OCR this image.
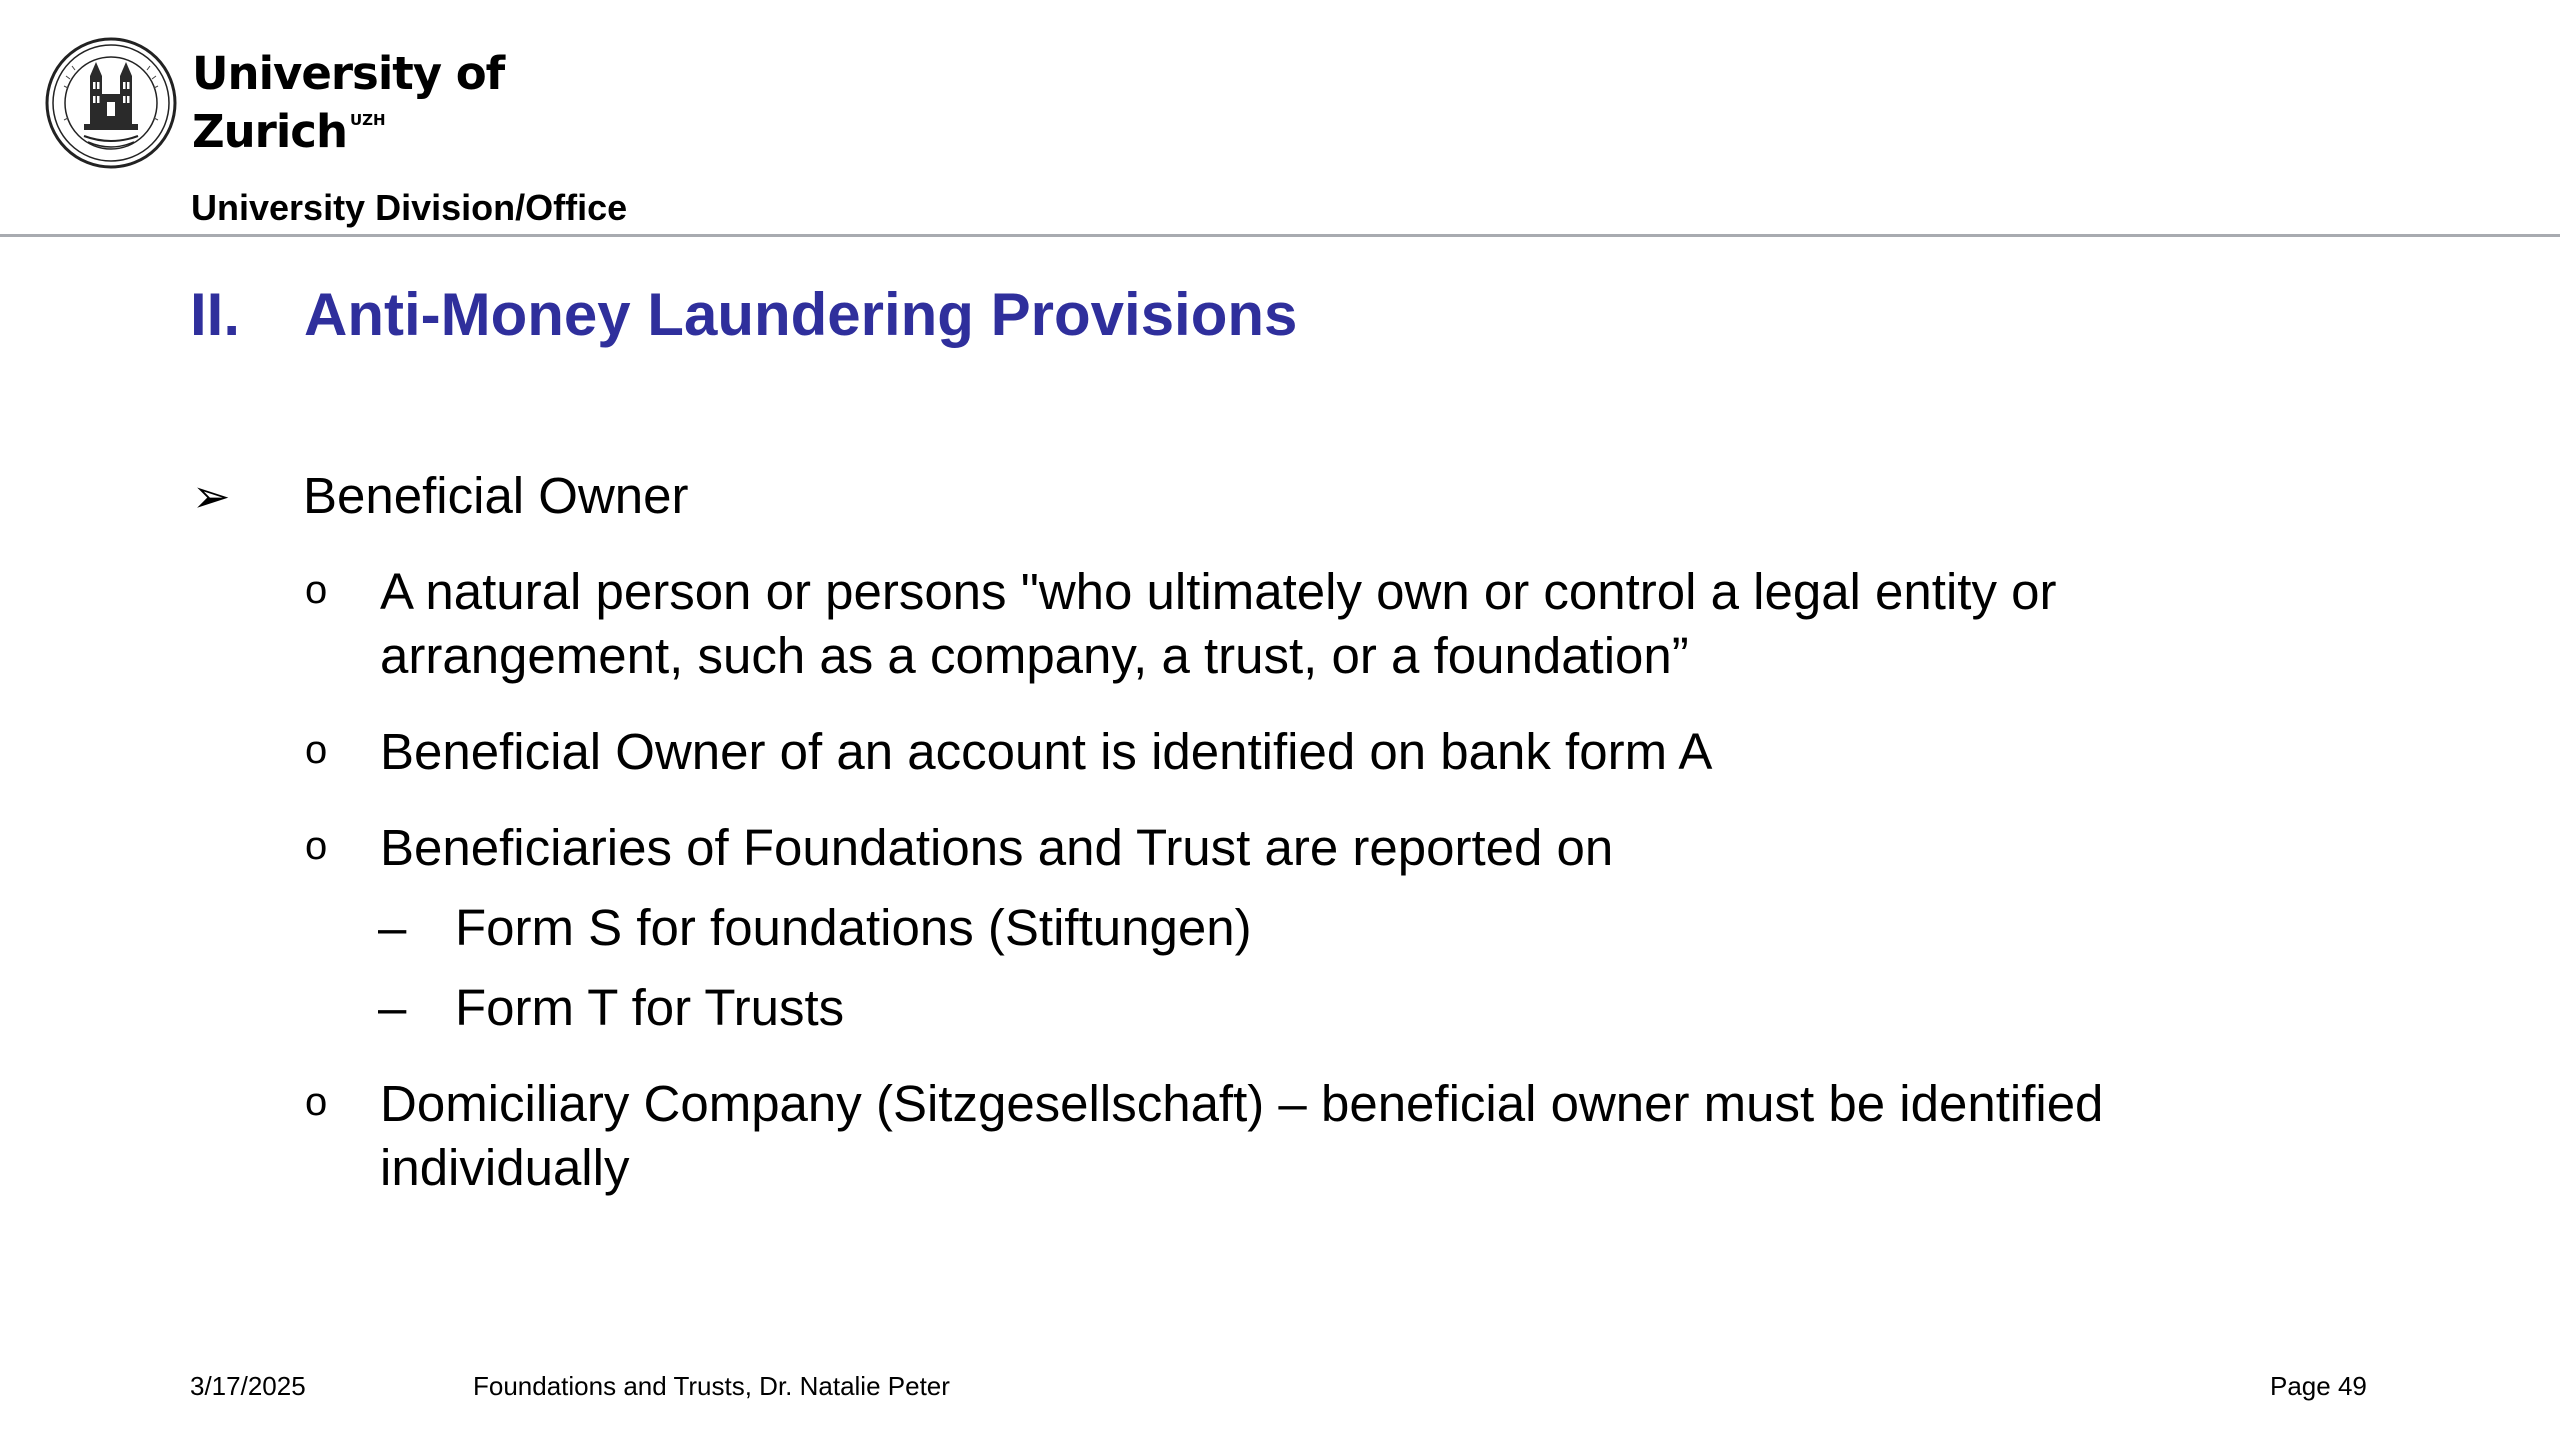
University of
Zurich $^{UZH}$
University Division/Office
II. Anti-Money Laundering Provisions
➢ Beneficial Owner
o A natural person or persons "who ultimately own or control a legal entity or
arrangement, such as a company, a trust, or a foundation”
o Beneficial Owner of an account is identified on bank form A
o Beneficiaries of Foundations and Trust are reported on
– Form S for foundations (Stiftungen)
– Form T for Trusts
o Domiciliary Company (Sitzgesellschaft) – beneficial owner must be identified
individually
3/17/2025	Foundations and Trusts, Dr. Natalie Peter	Page 49
